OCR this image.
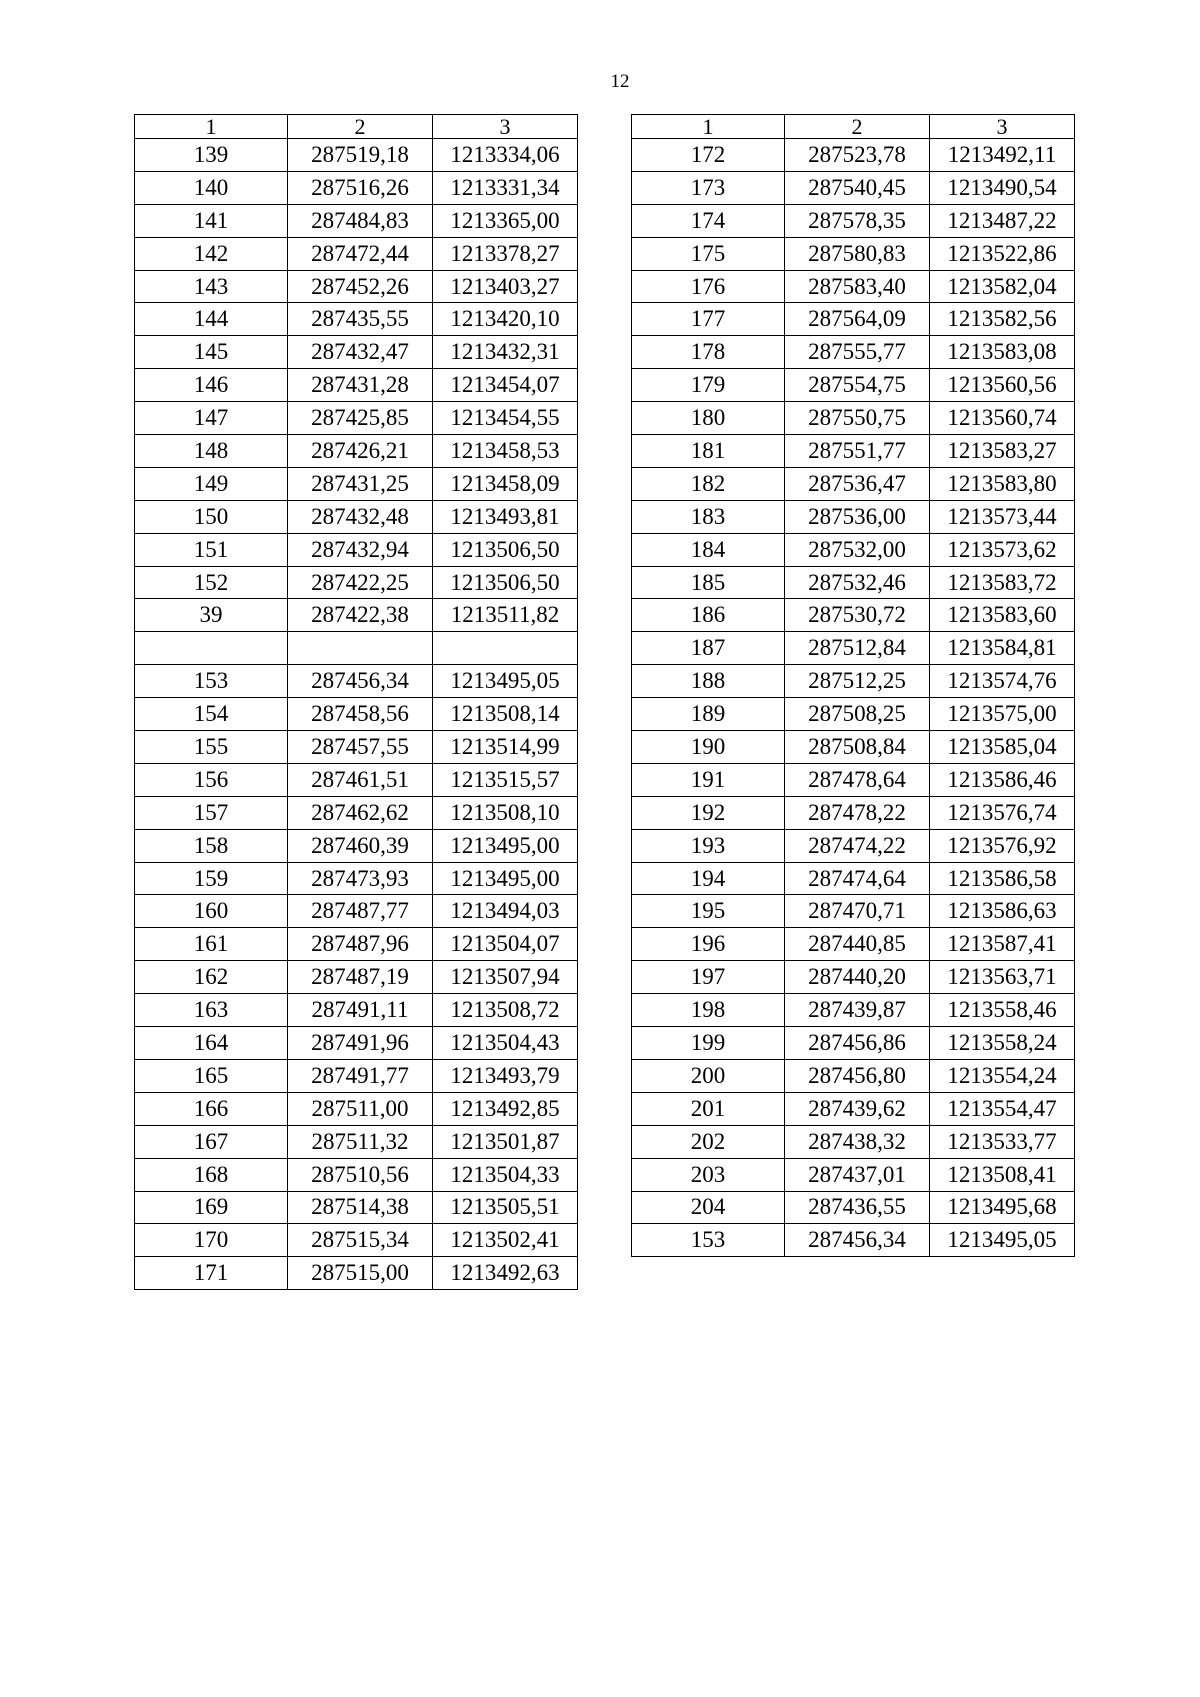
12
1	2	3
139	287519,18	1213334,06
140	287516,26	1213331,34
141	287484,83	1213365,00
142	287472,44	1213378,27
143	287452,26	1213403,27
144	287435,55	1213420,10
145	287432,47	1213432,31
146	287431,28	1213454,07
147	287425,85	1213454,55
148	287426,21	1213458,53
149	287431,25	1213458,09
150	287432,48	1213493,81
151	287432,94	1213506,50
152	287422,25	1213506,50
39	287422,38	1213511,82

153	287456,34	1213495,05
154	287458,56	1213508,14
155	287457,55	1213514,99
156	287461,51	1213515,57
157	287462,62	1213508,10
158	287460,39	1213495,00
159	287473,93	1213495,00
160	287487,77	1213494,03
161	287487,96	1213504,07
162	287487,19	1213507,94
163	287491,11	1213508,72
164	287491,96	1213504,43
165	287491,77	1213493,79
166	287511,00	1213492,85
167	287511,32	1213501,87
168	287510,56	1213504,33
169	287514,38	1213505,51
170	287515,34	1213502,41
171	287515,00	1213492,63
1	2	3
172	287523,78	1213492,11
173	287540,45	1213490,54
174	287578,35	1213487,22
175	287580,83	1213522,86
176	287583,40	1213582,04
177	287564,09	1213582,56
178	287555,77	1213583,08
179	287554,75	1213560,56
180	287550,75	1213560,74
181	287551,77	1213583,27
182	287536,47	1213583,80
183	287536,00	1213573,44
184	287532,00	1213573,62
185	287532,46	1213583,72
186	287530,72	1213583,60
187	287512,84	1213584,81
188	287512,25	1213574,76
189	287508,25	1213575,00
190	287508,84	1213585,04
191	287478,64	1213586,46
192	287478,22	1213576,74
193	287474,22	1213576,92
194	287474,64	1213586,58
195	287470,71	1213586,63
196	287440,85	1213587,41
197	287440,20	1213563,71
198	287439,87	1213558,46
199	287456,86	1213558,24
200	287456,80	1213554,24
201	287439,62	1213554,47
202	287438,32	1213533,77
203	287437,01	1213508,41
204	287436,55	1213495,68
153	287456,34	1213495,05
